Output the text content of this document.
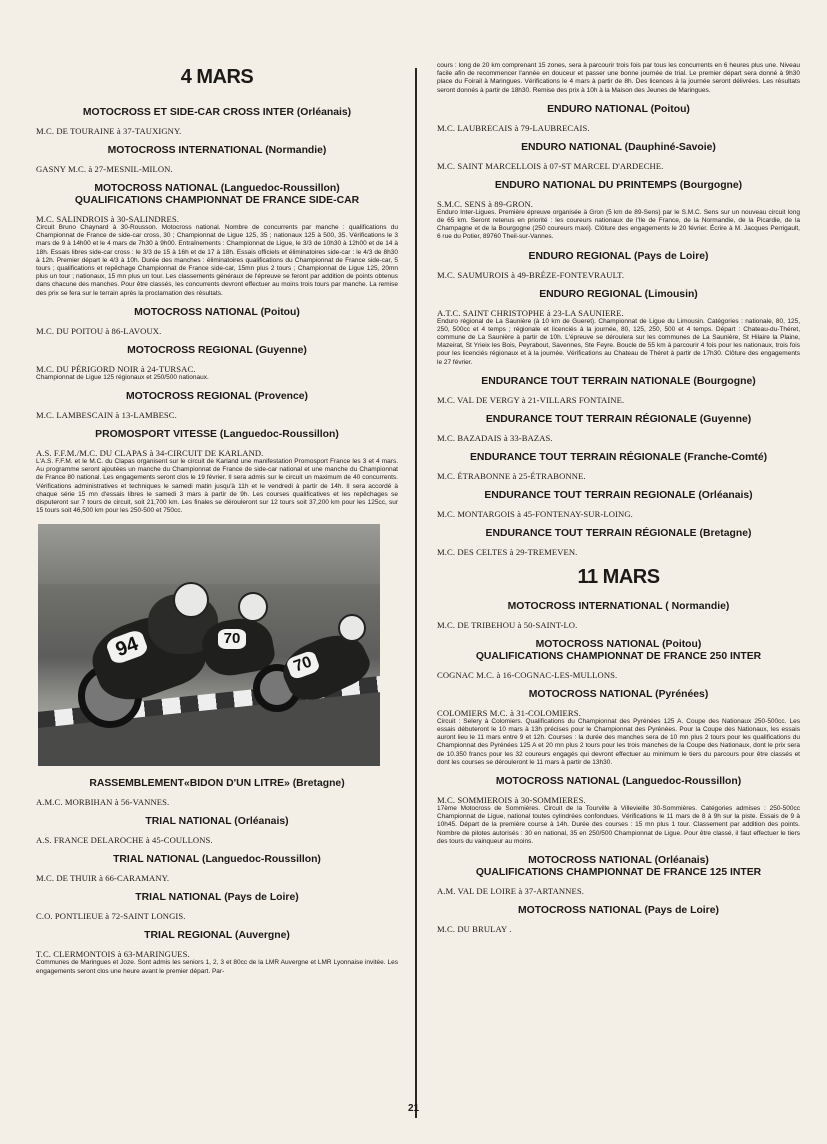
4 MARS
MOTOCROSS ET SIDE-CAR CROSS INTER (Orléanais)
M.C. DE TOURAINE à 37-TAUXIGNY.
MOTOCROSS INTERNATIONAL (Normandie)
GASNY M.C. à 27-MESNIL-MILON.
MOTOCROSS NATIONAL (Languedoc-Roussillon)
QUALIFICATIONS CHAMPIONNAT DE FRANCE SIDE-CAR
M.C. SALINDROIS à 30-SALINDRES.
Circuit Bruno Chaynard à 30-Rousson. Motocross national. Nombre de concurrents par manche : qualifications du Championnat de France de side-car cross, 30 ; Championnat de Ligue 125, 35 ; nationaux 125 à 500, 35. Vérifications le 3 mars de 9 à 14h00 et le 4 mars de 7h30 à 9h00. Entraînements : Championnat de Ligue, le 3/3 de 10h30 à 12h00 et de 14 à 18h. Essais libres side-car cross : le 3/3 de 15 à 16h et de 17 à 18h. Essais officiels et éliminatoires side-car : le 4/3 de 8h30 à 12h. Premier départ le 4/3 à 10h. Durée des manches : éliminatoires qualifications du Championnat de France side-car, 5 tours ; qualifications et repêchage Championnat de France side-car, 15mn plus 2 tours ; Championnat de Ligue 125, 20mn plus un tour ; nationaux, 15 mn plus un tour. Les classements généraux de l'épreuve se feront par addition de points obtenus dans chacune des manches. Pour être classés, les concurrents devront effectuer au moins trois tours par manche. La remise des prix se fera sur le terrain après la proclamation des résultats.
MOTOCROSS NATIONAL (Poitou)
M.C. DU POITOU à 86-LAVOUX.
MOTOCROSS REGIONAL (Guyenne)
M.C. DU PÉRIGORD NOIR à 24-TURSAC.
Championnat de Ligue 125 régionaux et 250/500 nationaux.
MOTOCROSS REGIONAL (Provence)
M.C. LAMBESCAIN à 13-LAMBESC.
PROMOSPORT VITESSE (Languedoc-Roussillon)
A.S. F.F.M./M.C. DU CLAPAS à 34-CIRCUIT DE KARLAND.
L'A.S. F.F.M. et le M.C. du Clapas organisent sur le circuit de Karland une manifestation Promosport France les 3 et 4 mars. Au programme seront ajoutées un manche du Championnat de France de side-car national et une manche du Championnat de France 80 national. Les engagements seront clos le 19 février. Il sera admis sur le circuit un maximum de 40 concurrents. Vérifications administratives et techniques le samedi matin jusqu'à 11h et le vendredi à partir de 14h. Il sera accordé à chaque série 15 mn d'essais libres le samedi 3 mars à partir de 9h. Les courses qualificatives et les repêchages se disputeront sur 7 tours de circuit, soit 21,700 km. Les finales se dérouleront sur 12 tours soit 37,200 km pour les 125cc, sur 15 tours soit 46,500 km pour les 250-500 et 750cc.
94	70
70
RASSEMBLEMENT«BIDON D'UN LITRE» (Bretagne)
A.M.C. MORBIHAN à 56-VANNES.
TRIAL NATIONAL (Orléanais)
A.S. FRANCE DELAROCHE à 45-COULLONS.
TRIAL NATIONAL (Languedoc-Roussillon)
M.C. DE THUIR à 66-CARAMANY.
TRIAL NATIONAL (Pays de Loire)
C.O. PONTLIEUE à 72-SAINT LONGIS.
TRIAL REGIONAL (Auvergne)
T.C. CLERMONTOIS à 63-MARINGUES.
Communes de Maringues et Joze. Sont admis les seniors 1, 2, 3 et 80cc de la LMR Auvergne et LMR Lyonnaise invitée. Les engagements seront clos une heure avant le premier départ. Par-
cours : long de 20 km comprenant 15 zones, sera à parcourir trois fois par tous les concurrents en 6 heures plus une. Niveau facile afin de recommencer l'année en douceur et passer une bonne journée de trial. Le premier départ sera donné à 9h30 place du Foirail à Maringues. Vérifications le 4 mars à partir de 8h. Des licences à la journée seront délivrées. Les résultats seront donnés à partir de 18h30. Remise des prix à 10h à la Maison des Jeunes de Maringues.
ENDURO NATIONAL (Poitou)
M.C. LAUBRECAIS à 79-LAUBRECAIS.
ENDURO NATIONAL (Dauphiné-Savoie)
M.C. SAINT MARCELLOIS à 07-ST MARCEL D'ARDECHE.
ENDURO NATIONAL DU PRINTEMPS (Bourgogne)
S.M.C. SENS à 89-GRON.
Enduro Inter-Ligues. Première épreuve organisée à Gron (5 km de 89-Sens) par le S.M.C. Sens sur un nouveau circuit long de 65 km. Seront retenus en priorité : les coureurs nationaux de l'Ile de France, de la Normandie, de la Picardie, de la Champagne et de la Bourgogne (250 coureurs maxi). Clôture des engagements le 20 février. Écrire à M. Jacques Perrigault, 6 rue du Potier, 89760 Theil-sur-Vannes.
ENDURO REGIONAL (Pays de Loire)
M.C. SAUMUROIS à 49-BRÉZE-FONTEVRAULT.
ENDURO REGIONAL (Limousin)
A.T.C. SAINT CHRISTOPHE à 23-LA SAUNIERE.
Enduro régional de La Saunière (à 10 km de Gueret). Championnat de Ligue du Limousin. Catégories : nationale, 80, 125, 250, 500cc et 4 temps ; régionale et licenciés à la journée, 80, 125, 250, 500 et 4 temps. Départ : Chateau-du-Théret, commune de La Saunière à partir de 10h. L'épreuve se déroulera sur les communes de La Saunière, St Hilaire la Plaine, Mazeirat, St Yrieix les Bois, Peyrabout, Savennes, Ste Feyre. Boucle de 55 km à parcourir 4 fois pour les nationaux, trois fois pour les licenciés régionaux et à la journée. Vérifications au Chateau de Théret à partir de 17h30. Clôture des engagements le 27 février.
ENDURANCE TOUT TERRAIN NATIONALE (Bourgogne)
M.C. VAL DE VERGY à 21-VILLARS FONTAINE.
ENDURANCE TOUT TERRAIN RÉGIONALE (Guyenne)
M.C. BAZADAIS à 33-BAZAS.
ENDURANCE TOUT TERRAIN RÉGIONALE (Franche-Comté)
M.C. ÉTRABONNE à 25-ÉTRABONNE.
ENDURANCE TOUT TERRAIN REGIONALE (Orléanais)
M.C. MONTARGOIS à 45-FONTENAY-SUR-LOING.
ENDURANCE TOUT TERRAIN RÉGIONALE (Bretagne)
M.C. DES CELTES à 29-TREMEVEN.
11 MARS
MOTOCROSS INTERNATIONAL ( Normandie)
M.C. DE TRIBEHOU à 50-SAINT-LO.
MOTOCROSS NATIONAL (Poitou)
QUALIFICATIONS CHAMPIONNAT DE FRANCE 250 INTER
COGNAC M.C. à 16-COGNAC-LES-MULLONS.
MOTOCROSS NATIONAL (Pyrénées)
COLOMIERS M.C. à 31-COLOMIERS.
Circuit : Selery à Colomiers. Qualifications du Championnat des Pyrénées 125 A. Coupe des Nationaux 250-500cc. Les essais débuteront le 10 mars à 13h précises pour le Championnat des Pyrénées. Pour la Coupe des Nationaux, les essais auront lieu le 11 mars entre 9 et 12h. Courses : la durée des manches sera de 10 mn plus 2 tours pour les qualifications du Championnat des Pyrénées 125 A et 20 mn plus 2 tours pour les trois manches de la Coupe des Nationaux, dont le prix sera de 10.350 francs pour les 32 coureurs engagés qui devront effectuer au minimum le tiers du parcours pour être classés et dont les courses se dérouleront le 11 mars à partir de 13h30.
MOTOCROSS NATIONAL (Languedoc-Roussillon)
M.C. SOMMIEROIS à 30-SOMMIERES.
17ème Motocross de Sommières. Circuit de la Tourville à Villevieille 30-Sommières. Catégories admises : 250-500cc Championnat de Ligue, national toutes cylindrées confondues. Vérifications le 11 mars de 8 à 9h sur la piste. Essais de 9 à 10h45. Départ de la première course à 14h. Durée des courses : 15 mn plus 1 tour. Classement par addition des points. Nombre de pilotes autorisés : 30 en national, 35 en 250/500 Championnat de Ligue. Pour être classé, il faut effectuer le tiers des tours du vainqueur au moins.
MOTOCROSS NATIONAL (Orléanais)
QUALIFICATIONS CHAMPIONNAT DE FRANCE 125 INTER
A.M. VAL DE LOIRE à 37-ARTANNES.
MOTOCROSS NATIONAL (Pays de Loire)
M.C. DU BRULAY .
21
